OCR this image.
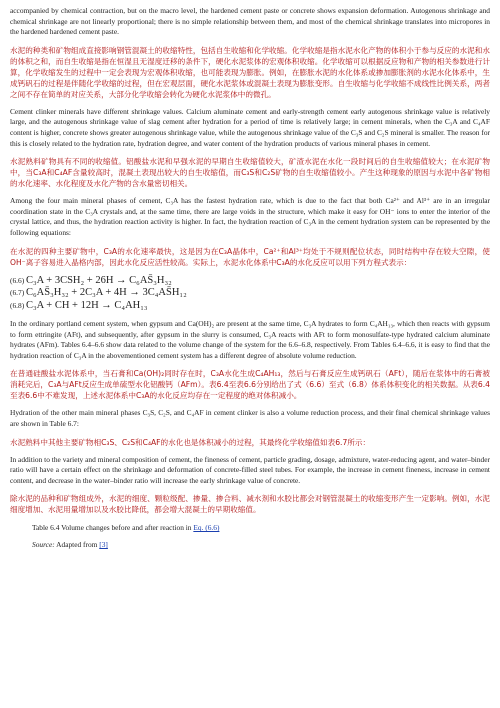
accompanied by chemical contraction, but on the macro level, the hardened cement paste or concrete shows expansion deformation. Autogenous shrinkage and chemical shrinkage are not linearly proportional; there is no simple relationship between them, and most of the chemical shrinkage translates into micropores in the hardened hardened cement paste.

水泥的种类和矿物组成直接影响钢管混凝土的收缩特性，包括自生收缩和化学收缩。化学收缩是指水泥水化产物的体积小于参与反应的水泥和水的体积之和，而自生收缩是指在恒湿且无湿度迁移的条件下，硬化水泥浆体的宏观体积收缩。化学收缩可以根据反应物和产物的相关参数进行计算，化学收缩发生的过程中一定会表现为宏观体积收缩，也可能表现为膨胀。例如，在膨胀水泥的水化体系或掺加膨胀剂的水泥水化体系中，生成钙矾石的过程是伴随化学收缩的过程，但在宏观层面，硬化水泥浆体或混凝土表现为膨胀变形。自生收缩与化学收缩不成线性比例关系，两者之间不存在简单的对应关系，大部分化学收缩会转化为硬化水泥浆体中的微孔。

Cement clinker minerals have different shrinkage values. Calcium aluminate cement and early-strength cement early autogenous shrinkage value is relatively large, and the autogenous shrinkage value of slag cement after hydration for a period of time is relatively large; in cement minerals, when the C₃A and C₄AF content is higher, concrete shows greater autogenous shrinkage value, while the autogenous shrinkage value of the C₃S and C₂S mineral is smaller. The reason for this is closely related to the hydration rate, hydration degree, and water content of the hydration products of various mineral phases in cement.

水泥熟料矿物具有不同的收缩值。铝酸盐水泥和早强水泥的早期自生收缩值较大，矿渣水泥在水化一段时间后的自生收缩值较大；在水泥矿物中，当C₃A和C₄AF含量较高时，混凝土表现出较大的自生收缩值，而C₃S和C₂S矿物的自生收缩值较小。产生这种现象的原因与水泥中各矿物相的水化速率、水化程度及水化产物的含水量密切相关。

Among the four main mineral phases of cement, C₃A has the fastest hydration rate, which is due to the fact that both Ca²⁺ and Al³⁺ are in an irregular coordination state in the C₃A crystals and, at the same time, there are large voids in the structure, which make it easy for OH⁻ ions to enter the interior of the crystal lattice, and thus, the hydration reaction activity is higher. In fact, the hydration reaction of C₃A in the cement hydration system can be represented by the following equations:

在水泥的四种主要矿物中，C₃A的水化速率最快，这是因为在C₃A晶体中，Ca²⁺和Al³⁺均处于不规则配位状态，同时结构中存在较大空隙，使OH⁻离子容易进入晶格内部，因此水化反应活性较高。实际上，水泥水化体系中C₃A的水化反应可以用下列方程式表示：

(6.6) C₃A + 3CSH₂ + 26H → C₆AS̄₃H₃₂
(6.7) C₆AS̄₃H₃₂ + 2C₃A + 4H → 3C₄AS̄H₁₂
(6.8) C₃A + CH + 12H → C₄AH₁₃

In the ordinary portland cement system, when gypsum and Ca(OH)₂ are present at the same time, C₃A hydrates to form C₄AH₁₃, which then reacts with gypsum to form ettringite (AFt), and subsequently, after gypsum in the slurry is consumed, C₃A reacts with AFt to form monosulfate-type hydrated calcium aluminate hydrates (AFm). Tables 6.4–6.6 show data related to the volume change of the system for the 6.6–6.8, respectively. From Tables 6.4–6.6, it is easy to find that the hydration reaction of C₃A in the abovementioned cement system has a different degree of absolute volume reduction.

在普通硅酸盐水泥体系中，当石膏和Ca(OH)₂同时存在时，C₃A水化生成C₄AH₁₃，然后与石膏反应生成钙矾石（AFt），随后在浆体中的石膏被消耗完后，C₃A与AFt反应生成单硫型水化铝酸钙（AFm）。表6.4至表6.6分别给出了式（6.6）至式（6.8）体系体积变化的相关数据。从表6.4至表6.6中不难发现，上述水泥体系中C₃A的水化反应均存在一定程度的绝对体积减小。

Hydration of the other main mineral phases C₃S, C₂S, and C₄AF in cement clinker is also a volume reduction process, and their final chemical shrinkage values are shown in Table 6.7:

水泥熟料中其他主要矿物相C₃S、C₂S和C₄AF的水化也是体积减小的过程，其最终化学收缩值如表6.7所示：

In addition to the variety and mineral composition of cement, the fineness of cement, particle grading, dosage, admixture, water-reducing agent, and water–binder ratio will have a certain effect on the shrinkage and deformation of concrete-filled steel tubes. For example, the increase in cement fineness, increase in cement content, and decrease in the water–binder ratio will increase the early shrinkage value of concrete.

除水泥的品种和矿物组成外，水泥的细度、颗粒级配、掺量、掺合料、减水剂和水胶比都会对钢管混凝土的收缩变形产生一定影响。例如，水泥细度增加、水泥用量增加以及水胶比降低，都会增大混凝土的早期收缩值。

Table 6.4 Volume changes before and after reaction in Eq. (6.6)
Source: Adapted from [3]
